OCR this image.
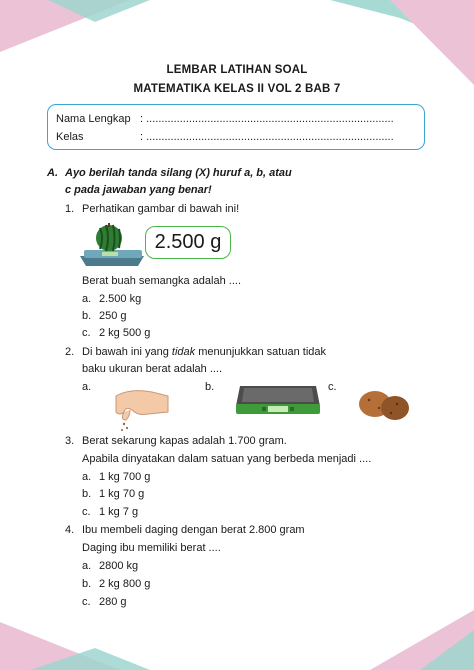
LEMBAR LATIHAN SOAL
MATEMATIKA KELAS II VOL 2 BAB 7
Nama Lengkap : .................................................................................
Kelas	: .................................................................................
A. Ayo berilah tanda silang (X) huruf a, b, atau
c pada jawaban yang benar!
1. Perhatikan gambar di bawah ini!
2.500 g
Berat buah semangka adalah ....
a. 2.500 kg
b. 250 g
c. 2 kg 500 g
2. Di bawah ini yang tidak menunjukkan satuan tidak
baku ukuran berat adalah ....
a.	b.	c.
3. Berat sekarung kapas adalah 1.700 gram.
Apabila dinyatakan dalam satuan yang berbeda menjadi ....
a. 1 kg 700 g
b. 1 kg 70 g
c. 1 kg 7 g
4. Ibu membeli daging dengan berat 2.800 gram
Daging ibu memiliki berat ....
a. 2800 kg
b. 2 kg 800 g
c. 280 g
